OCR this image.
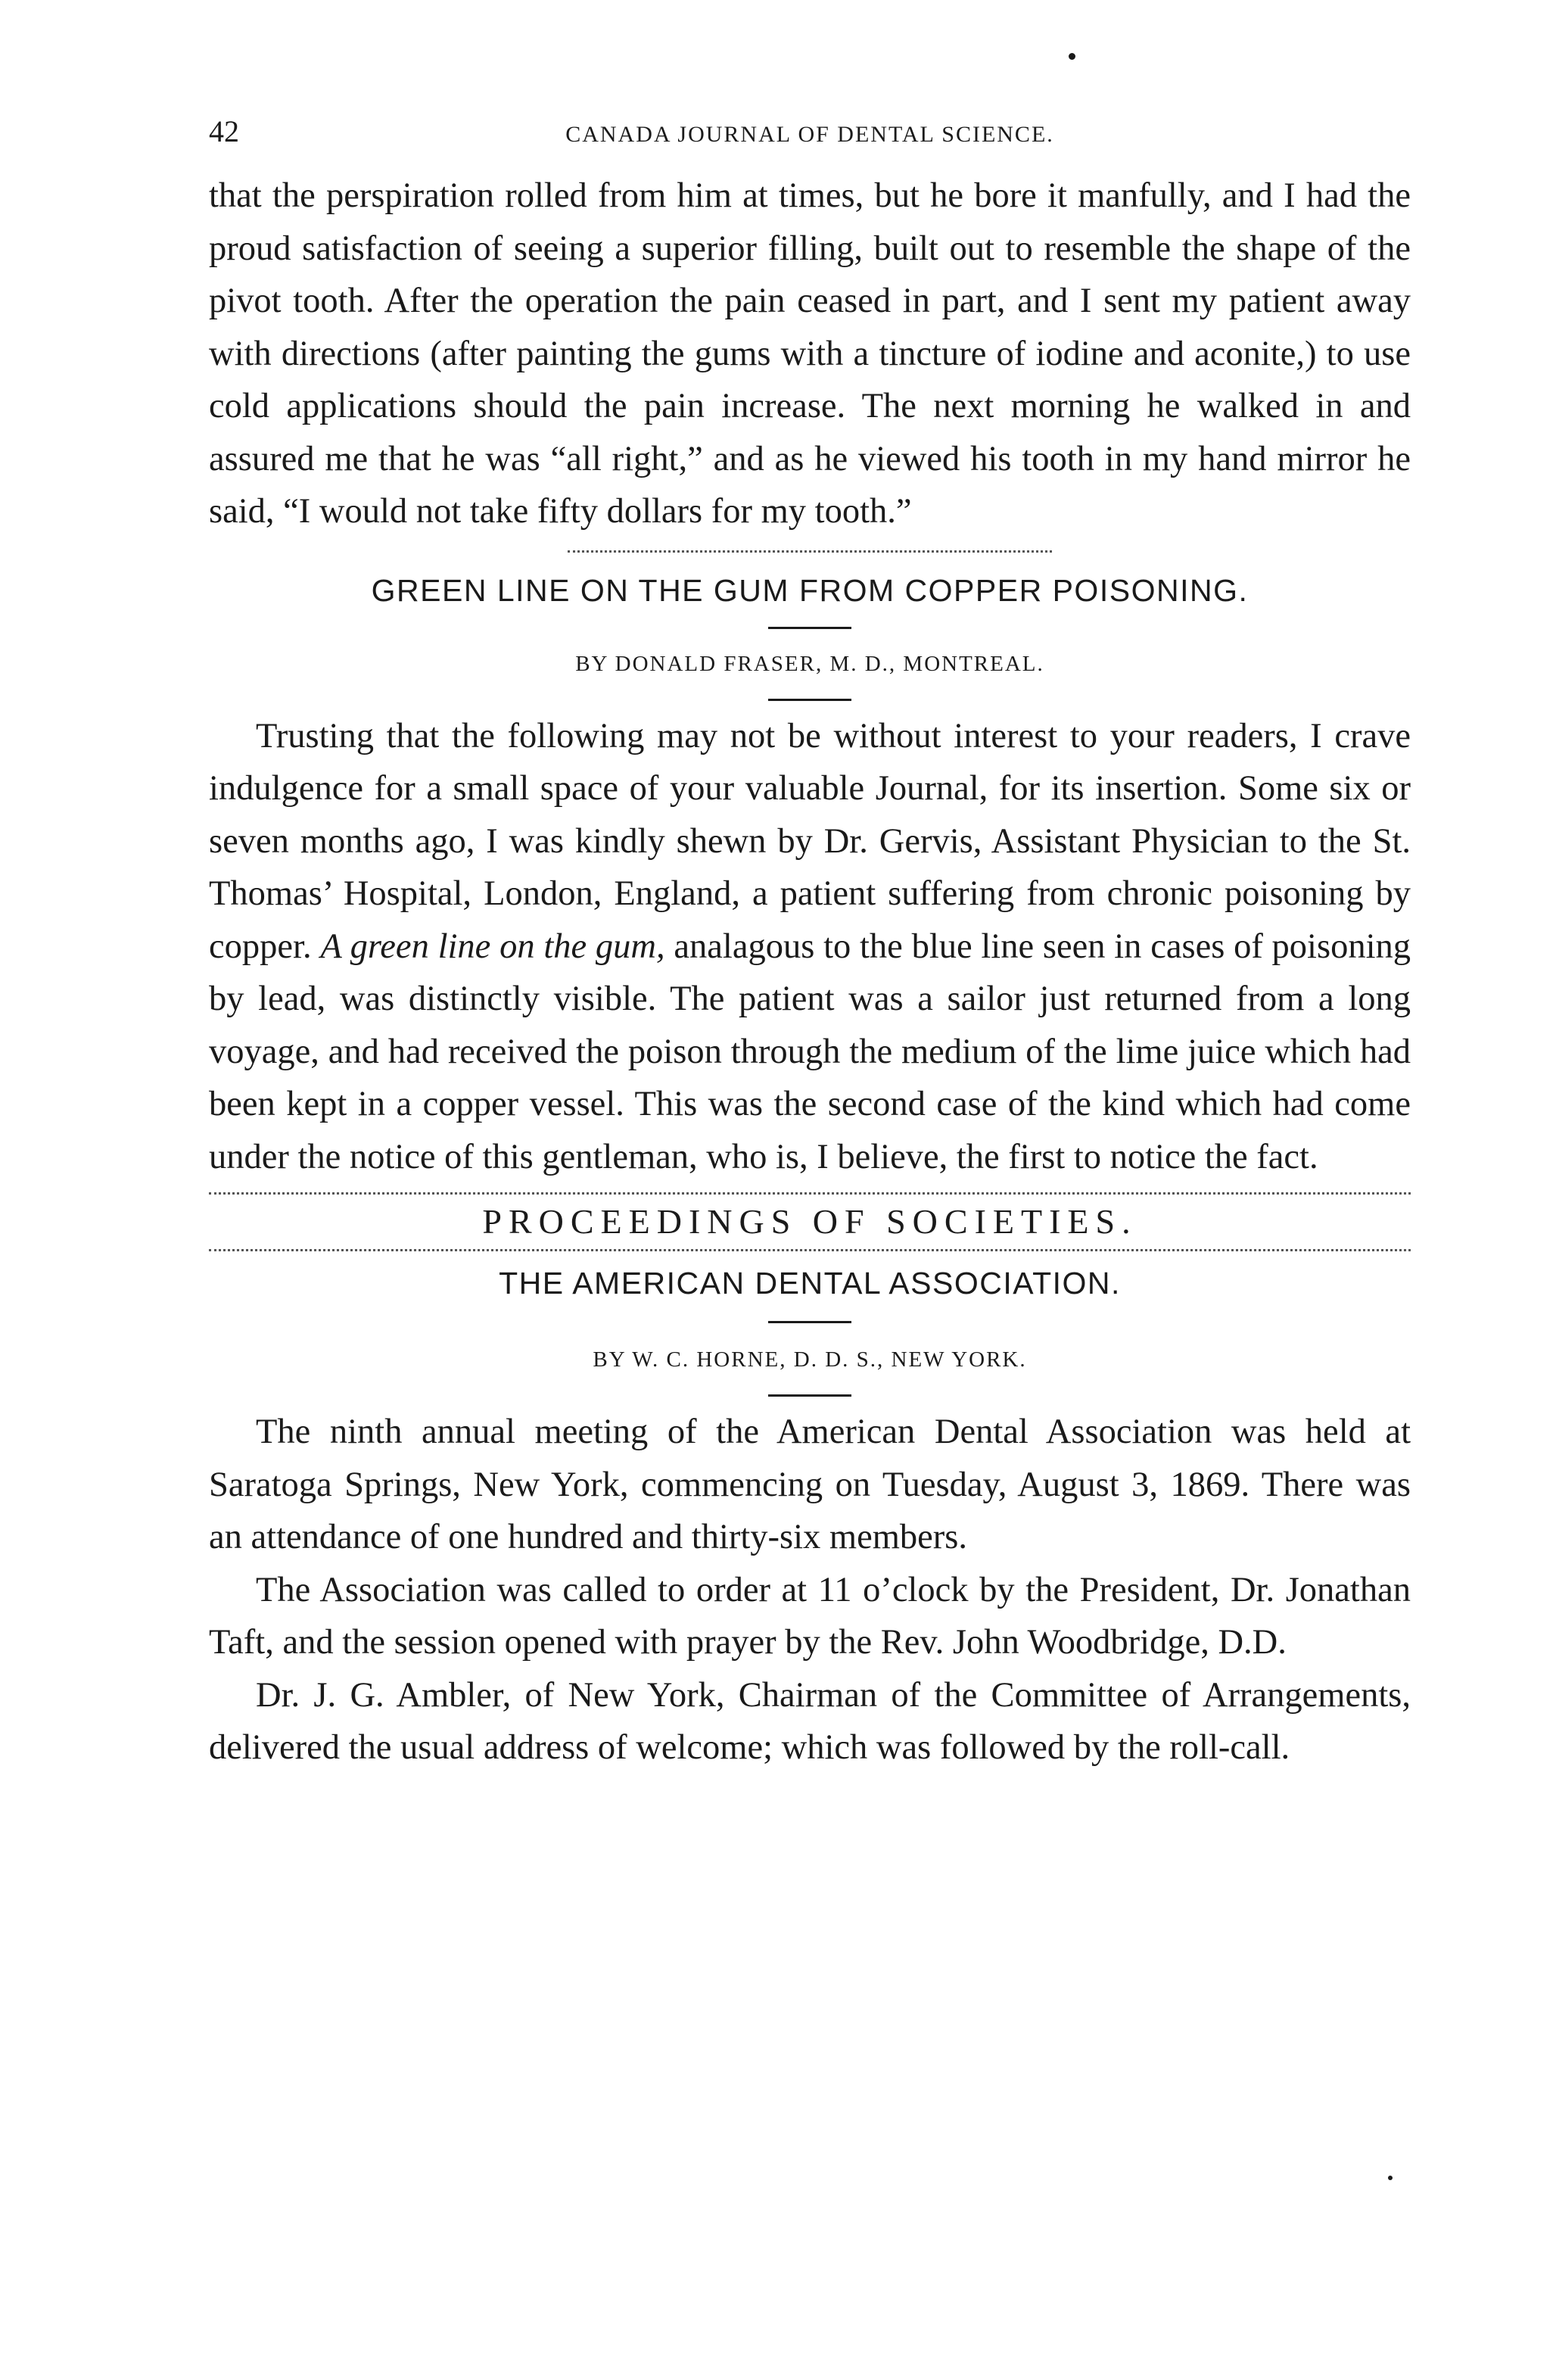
42	CANADA JOURNAL OF DENTAL SCIENCE.

that the perspiration rolled from him at times, but he bore it manfully, and I had the proud satisfaction of seeing a superior filling, built out to resemble the shape of the pivot tooth. After the operation the pain ceased in part, and I sent my patient away with directions (after painting the gums with a tincture of iodine and aconite,) to use cold applications should the pain increase. The next morning he walked in and assured me that he was “all right,” and as he viewed his tooth in my hand mirror he said, “I would not take fifty dollars for my tooth.”

GREEN LINE ON THE GUM FROM COPPER POISONING.
BY DONALD FRASER, M. D., MONTREAL.

Trusting that the following may not be without interest to your readers, I crave indulgence for a small space of your valuable Journal, for its insertion. Some six or seven months ago, I was kindly shewn by Dr. Gervis, Assistant Physician to the St. Thomas’ Hospital, London, England, a patient suffering from chronic poisoning by copper. A green line on the gum, analagous to the blue line seen in cases of poisoning by lead, was distinctly visible. The patient was a sailor just returned from a long voyage, and had received the poison through the medium of the lime juice which had been kept in a copper vessel. This was the second case of the kind which had come under the notice of this gentleman, who is, I believe, the first to notice the fact.

PROCEEDINGS OF SOCIETIES.
THE AMERICAN DENTAL ASSOCIATION.
BY W. C. HORNE, D. D. S., NEW YORK.

The ninth annual meeting of the American Dental Association was held at Saratoga Springs, New York, commencing on Tuesday, August 3, 1869. There was an attendance of one hundred and thirty-six members.

The Association was called to order at 11 o’clock by the President, Dr. Jonathan Taft, and the session opened with prayer by the Rev. John Woodbridge, D.D.

Dr. J. G. Ambler, of New York, Chairman of the Committee of Arrangements, delivered the usual address of welcome; which was followed by the roll-call.
